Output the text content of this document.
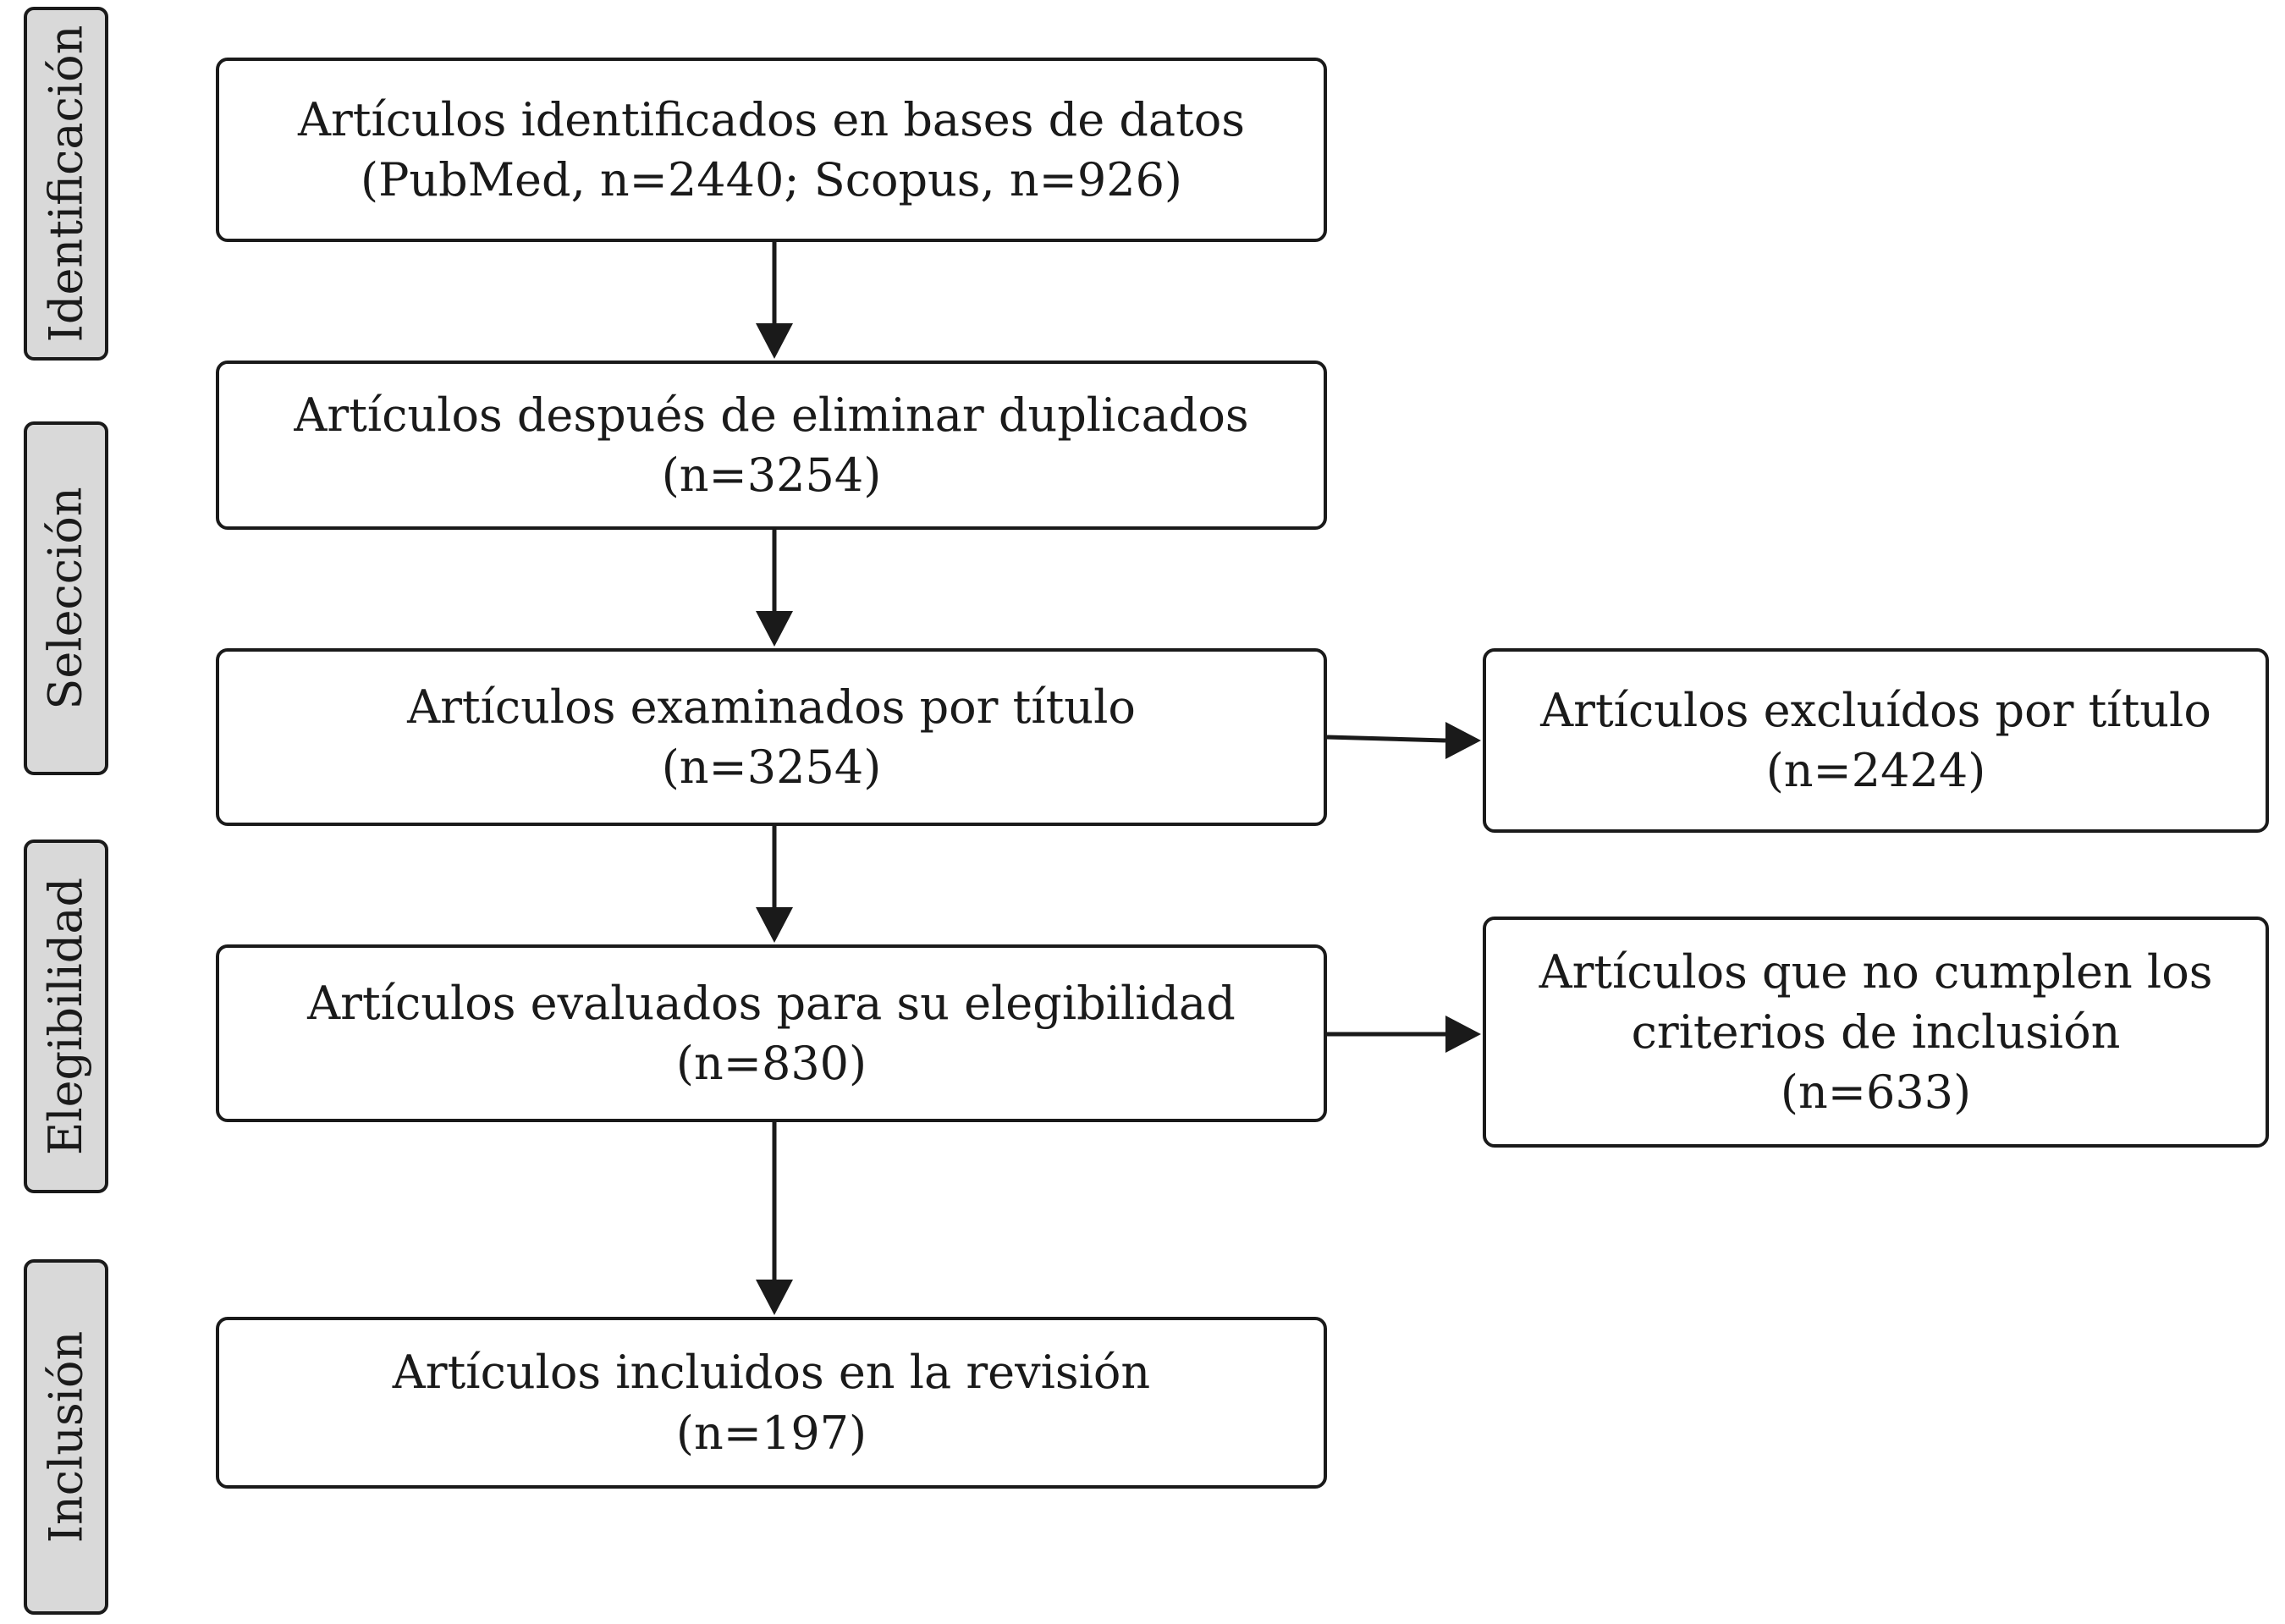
Identificación
Selección
Elegibilidad
Inclusión
Artículos identificados en bases de datos
(PubMed, n=2440; Scopus, n=926)
Artículos después de eliminar duplicados
(n=3254)
Artículos examinados por título
(n=3254)
Artículos excluídos por título
(n=2424)
Artículos evaluados para su elegibilidad
(n=830)
Artículos que no cumplen los
criterios de inclusión
(n=633)
Artículos incluidos en la revisión
(n=197)
